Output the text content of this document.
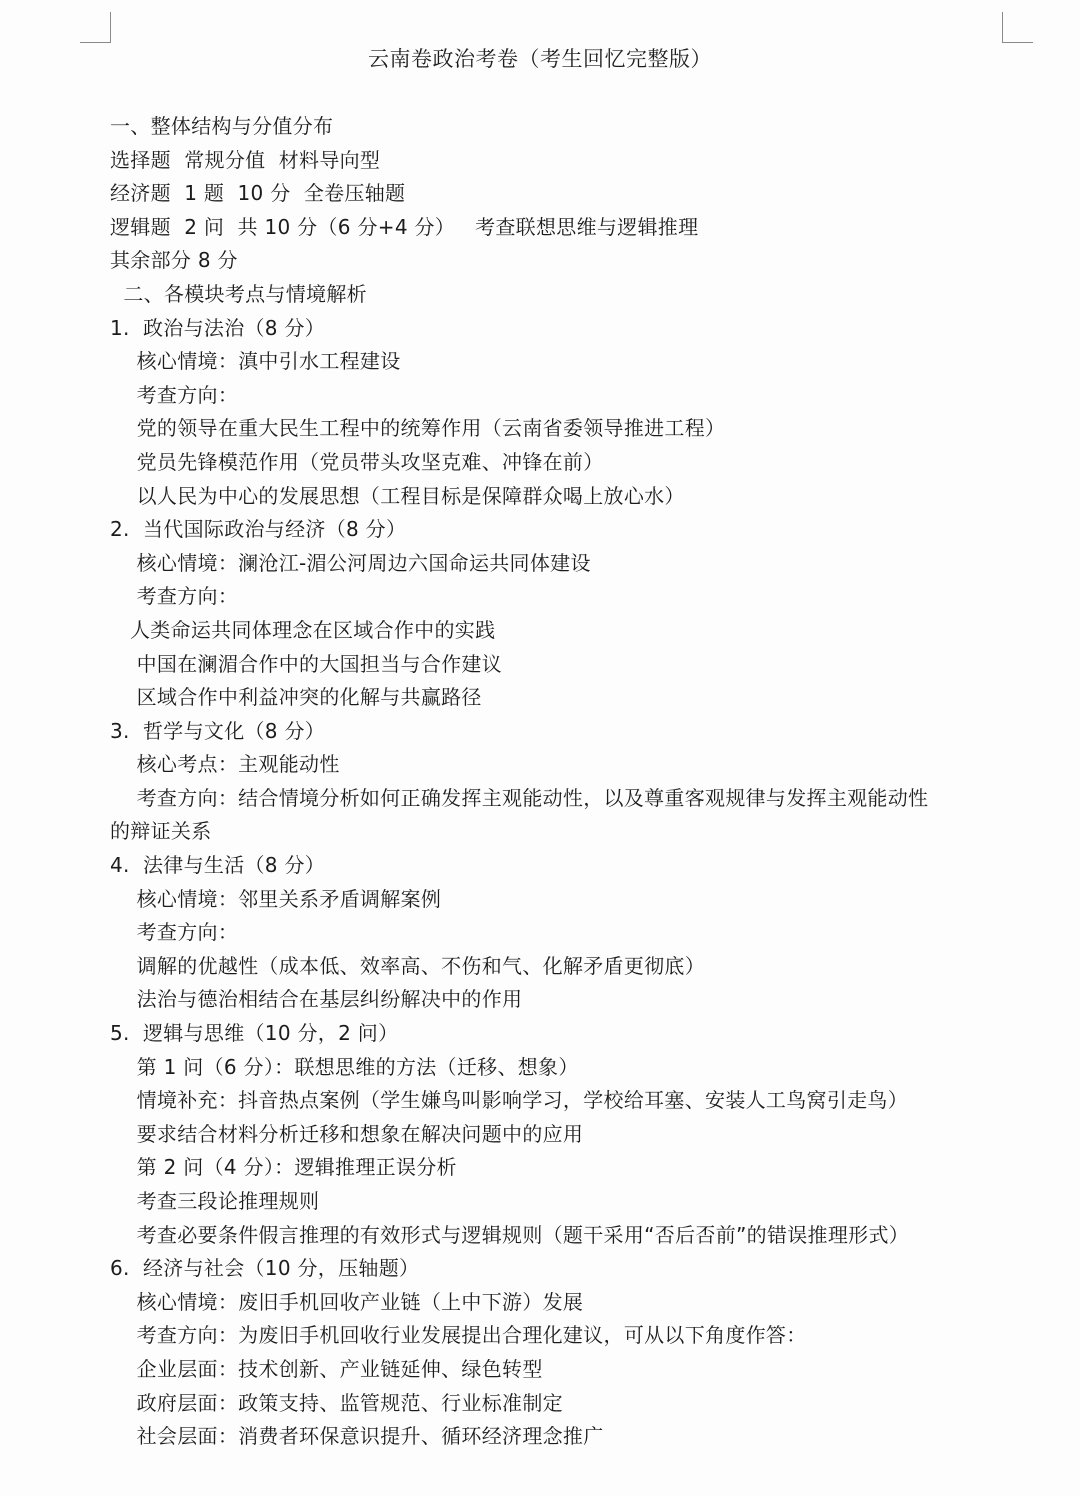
云南卷政治考卷（考生回忆完整版）
一、整体结构与分值分布
选择题  常规分值  材料导向型
经济题  1 题  10 分  全卷压轴题
逻辑题  2 问  共 10 分（6 分+4 分）   考查联想思维与逻辑推理
其余部分 8 分
二、各模块考点与情境解析
1.  政治与法治（8 分）
核心情境：滇中引水工程建设
考查方向：
党的领导在重大民生工程中的统筹作用（云南省委领导推进工程）
党员先锋模范作用（党员带头攻坚克难、冲锋在前）
以人民为中心的发展思想（工程目标是保障群众喝上放心水）
2.  当代国际政治与经济（8 分）
核心情境：澜沧江-湄公河周边六国命运共同体建设
考查方向：
人类命运共同体理念在区域合作中的实践
中国在澜湄合作中的大国担当与合作建议
区域合作中利益冲突的化解与共赢路径
3.  哲学与文化（8 分）
核心考点：主观能动性
考查方向：结合情境分析如何正确发挥主观能动性，以及尊重客观规律与发挥主观能动性
的辩证关系
4.  法律与生活（8 分）
核心情境：邻里关系矛盾调解案例
考查方向：
调解的优越性（成本低、效率高、不伤和气、化解矛盾更彻底）
法治与德治相结合在基层纠纷解决中的作用
5.  逻辑与思维（10 分，2 问）
第 1 问（6 分）：联想思维的方法（迁移、想象）
情境补充：抖音热点案例（学生嫌鸟叫影响学习，学校给耳塞、安装人工鸟窝引走鸟）
要求结合材料分析迁移和想象在解决问题中的应用
第 2 问（4 分）：逻辑推理正误分析
考查三段论推理规则
考查必要条件假言推理的有效形式与逻辑规则（题干采用“否后否前”的错误推理形式）
6.  经济与社会（10 分，压轴题）
核心情境：废旧手机回收产业链（上中下游）发展
考查方向：为废旧手机回收行业发展提出合理化建议，可从以下角度作答：
企业层面：技术创新、产业链延伸、绿色转型
政府层面：政策支持、监管规范、行业标准制定
社会层面：消费者环保意识提升、循环经济理念推广
